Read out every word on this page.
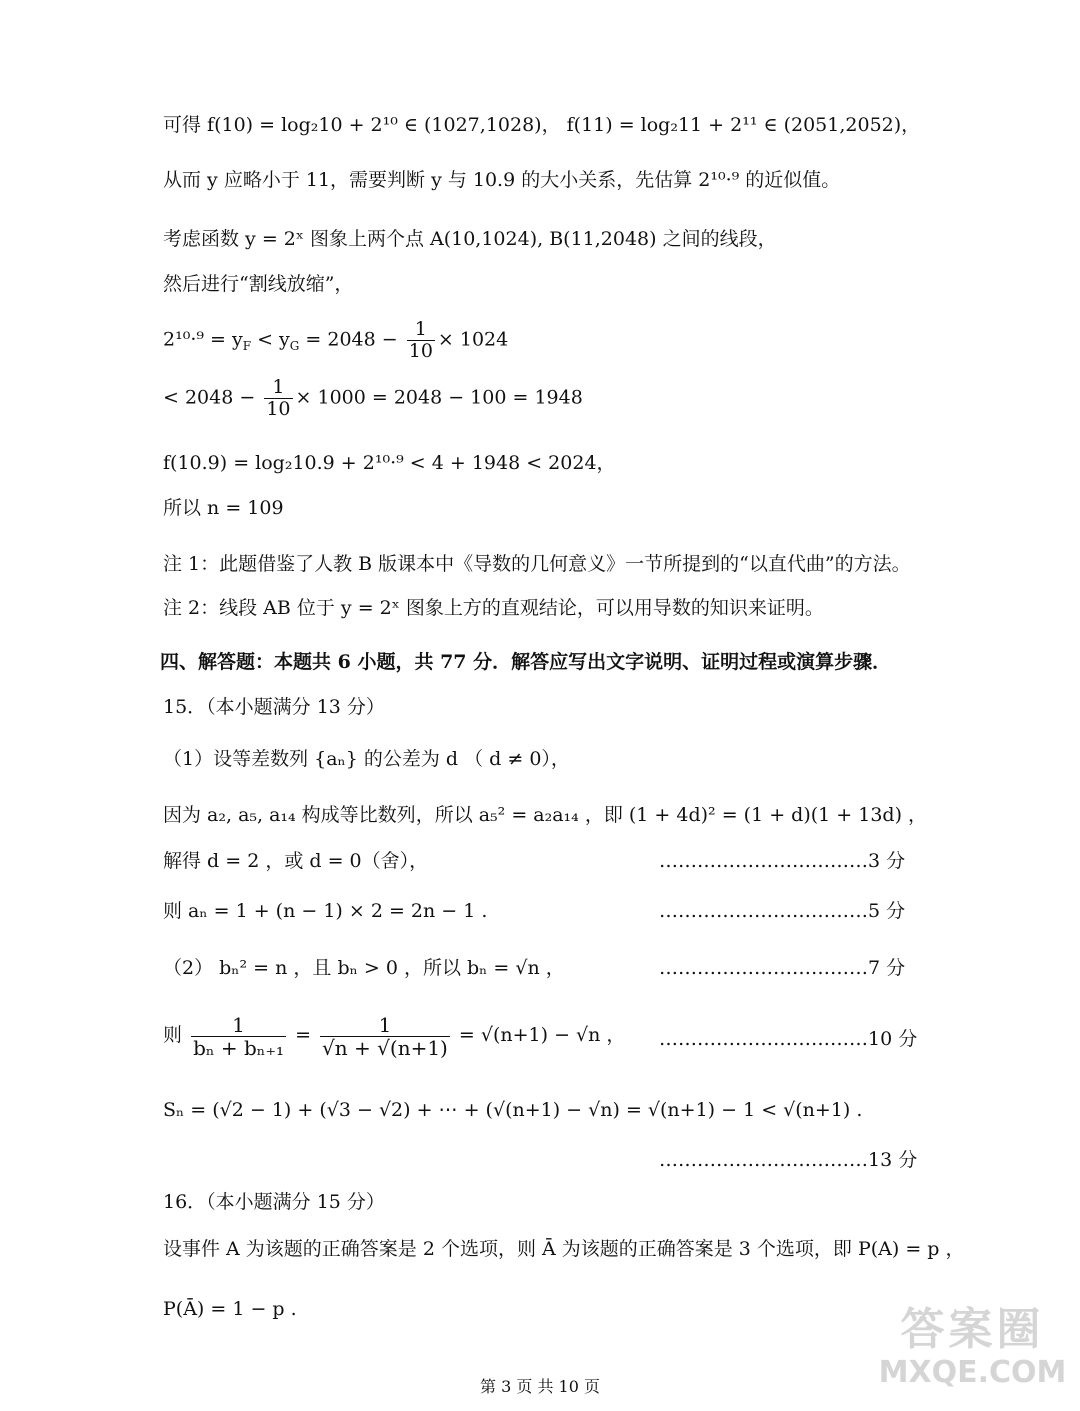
可得 f(10) = log₂10 + 2¹⁰ ∈ (1027,1028)， f(11) = log₂11 + 2¹¹ ∈ (2051,2052)，
从而 y 应略小于 11，需要判断 y 与 10.9 的大小关系，先估算 2¹⁰·⁹ 的近似值。
考虑函数 y = 2ˣ 图象上两个点 A(10,1024), B(11,2048) 之间的线段，
然后进行“割线放缩”，
$2^{10}\cdot^9 = y_F < y_G = 2048 - \frac{1}{10} \times 1024$
< $2048 - \frac{1}{10} \times 1000 = 2048 - 100 = 1948$
f(10.9) = log₂10.9 + 2¹⁰·⁹ < 4 + 1948 < 2024，
所以 n = 109
注 1：此题借鉴了人教 B 版课本中《导数的几何意义》一节所提到的“以直代曲”的方法。
注 2：线段 AB 位于 y = 2ˣ 图象上方的直观结论，可以用导数的知识来证明。
四、解答题：本题共 6 小题，共 77 分．解答应写出文字说明、证明过程或演算步骤．
15．（本小题满分 13 分）
（1）设等差数列 {aₙ} 的公差为 d （ d ≠ 0），
因为 a₂, a₅, a₁₄ 构成等比数列，所以 a₅² = a₂a₁₄ ，即 (1 + 4d)² = (1 + d)(1 + 13d) ，
解得 d = 2 ，或 d = 0（舍），	……………………………3 分
则 aₙ = 1 + (n − 1) × 2 = 2n − 1 .	……………………………5 分
（2） bₙ² = n ，且 bₙ > 0 ，所以 bₙ = √n ，	……………………………7 分
则 $\frac{1}{\text{bₙ + bₙ₊₁}} = \frac{1}{√n + √(n+1)} = √(n+1) - √n$ ， ……………………………10 分
Sₙ = (√2 − 1) + (√3 − √2) + ⋯ + (√(n+1) − √n) = √(n+1) − 1 < √(n+1) .
……………………………13 分
16．（本小题满分 15 分）
设事件 A 为该题的正确答案是 2 个选项，则 Ā 为该题的正确答案是 3 个选项，即 P(A) = p ，
P(Ā) = 1 − p .
第 3 页 共 10 页
答案圈
MXQE.COM
